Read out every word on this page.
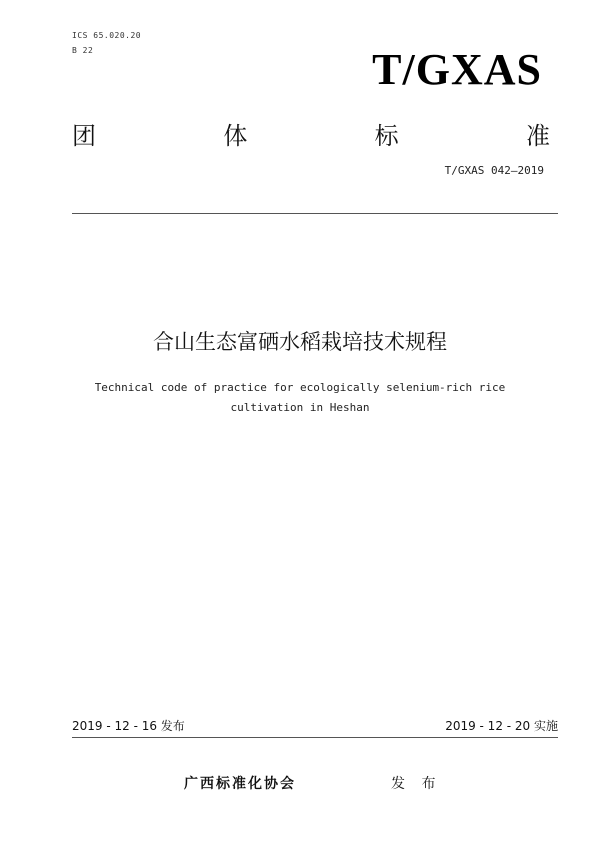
ICS 65.020.20
B 22	T/GXAS
团	体	标	准
T/GXAS 042—2019
合山生态富硒水稻栽培技术规程
Technical code of practice for ecologically selenium-rich rice
cultivation in Heshan
2019 - 12 - 16 发布	2019 - 12 - 20 实施
广西标准化协会	发 布
